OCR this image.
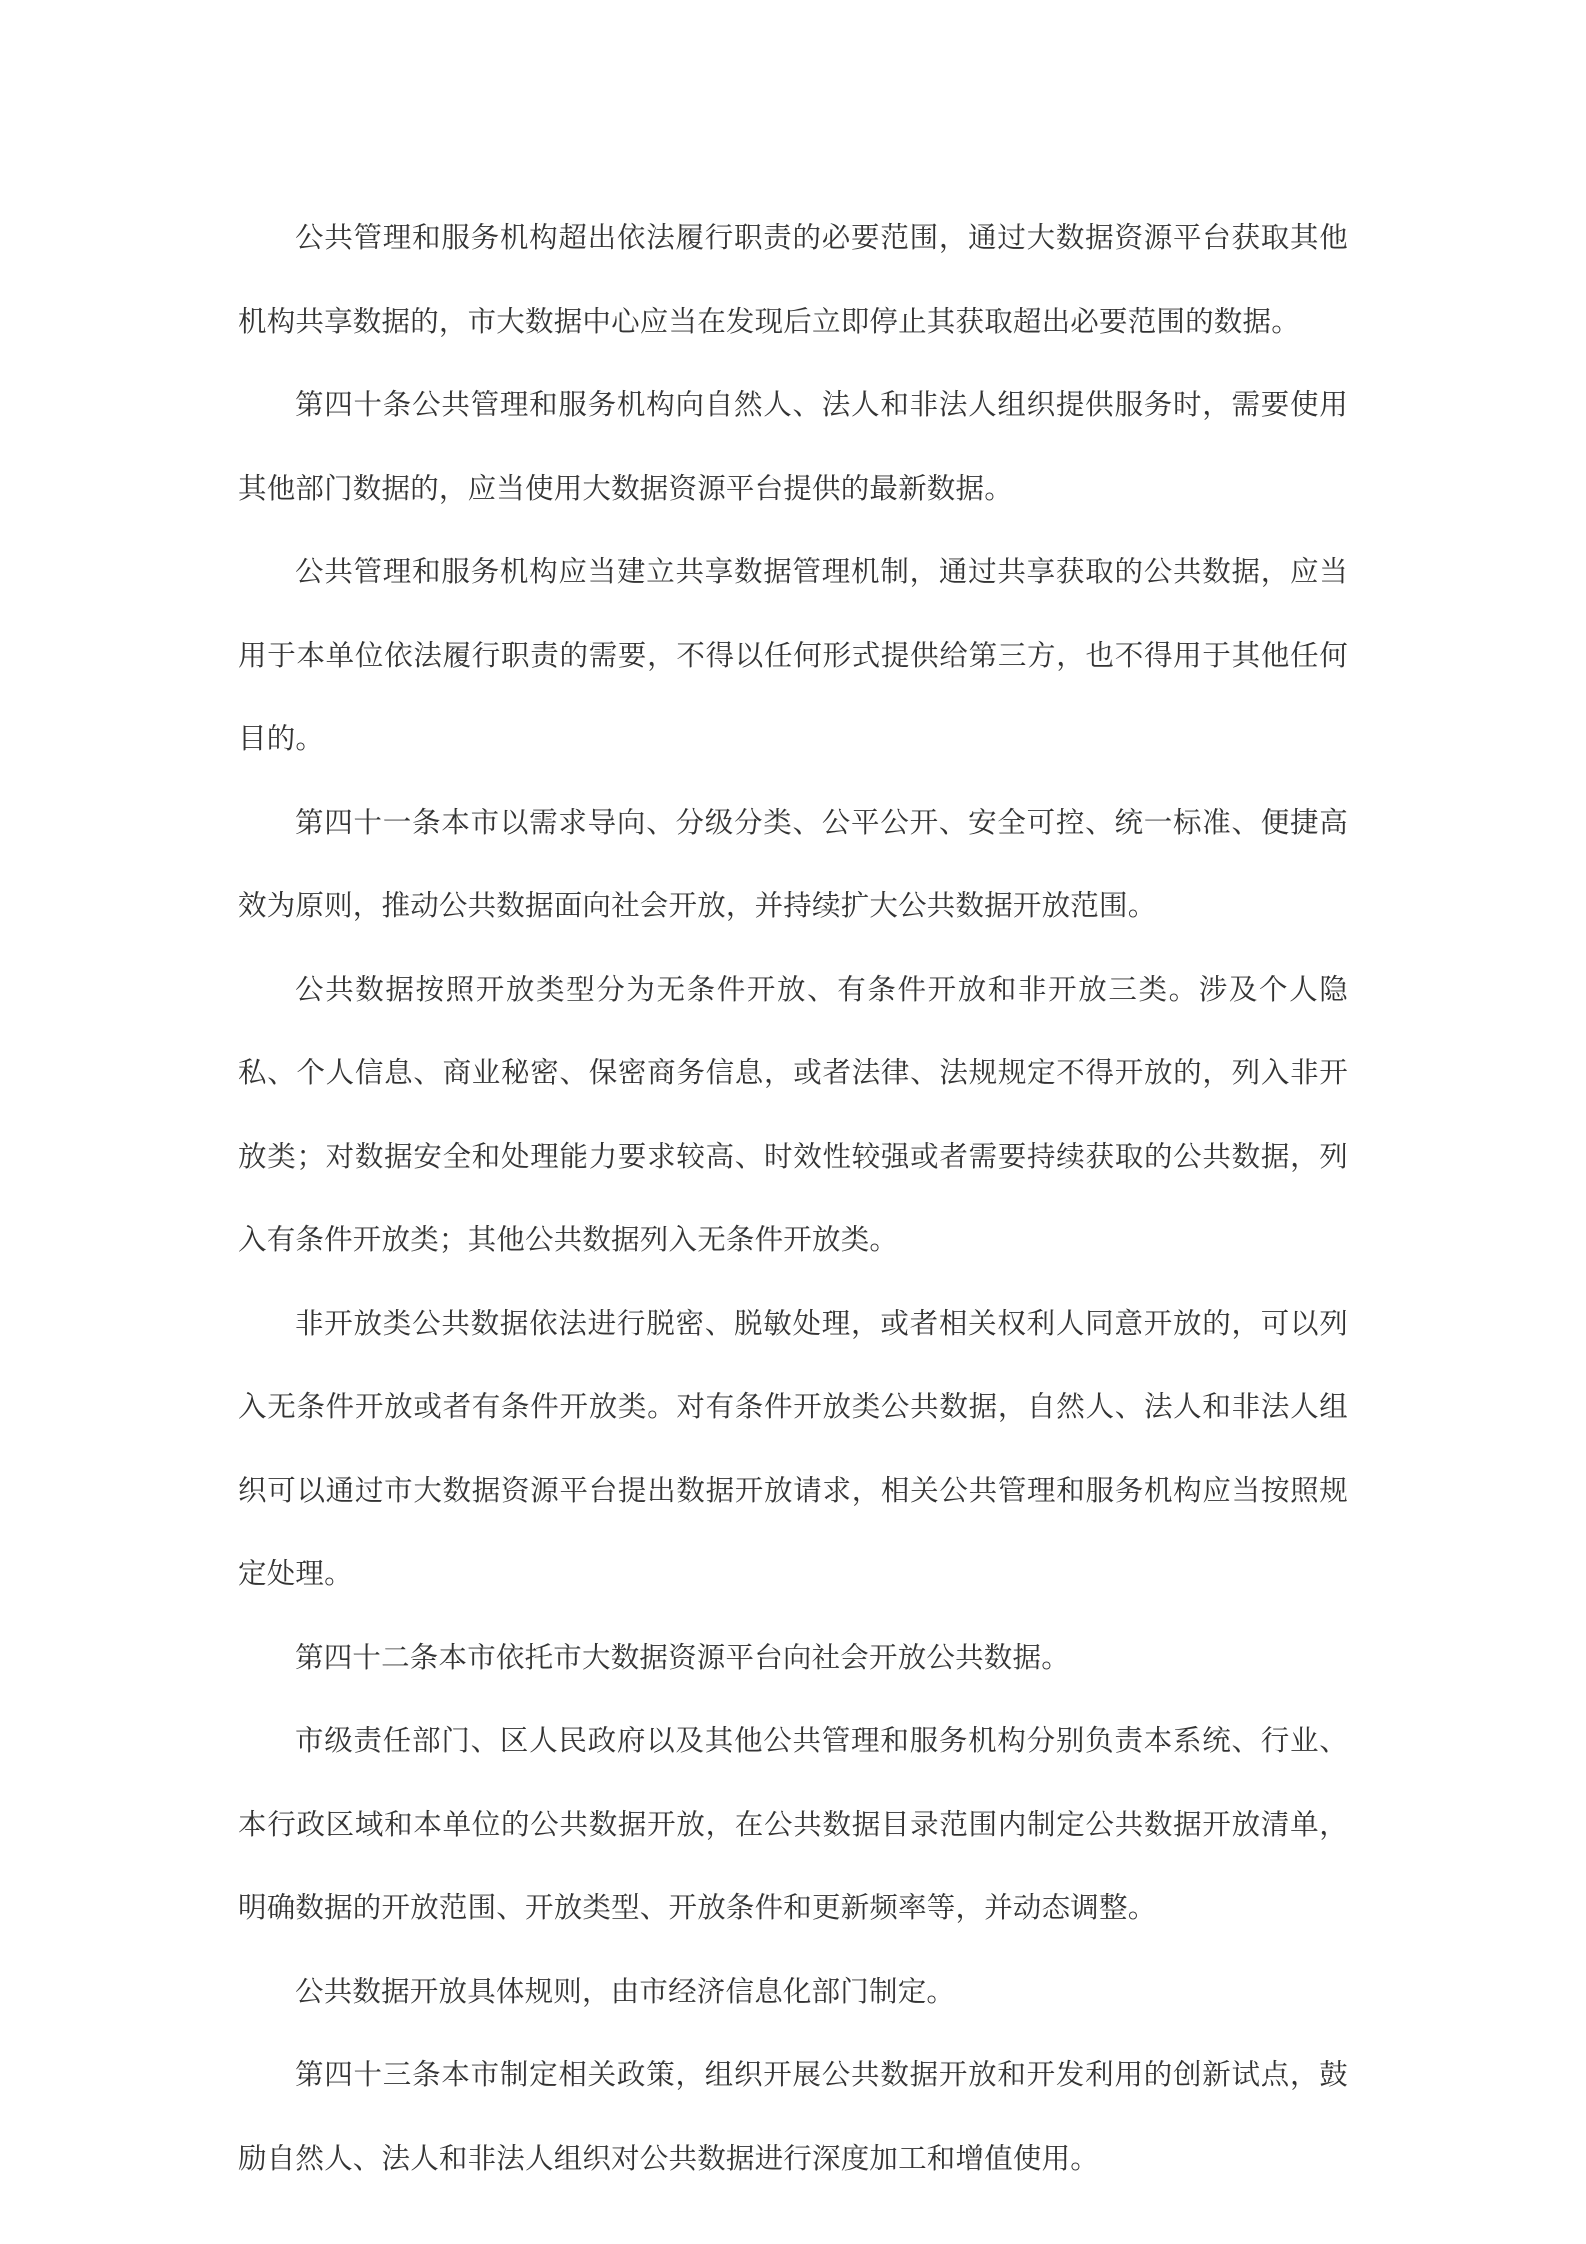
公共管理和服务机构超出依法履行职责的必要范围，通过大数据资源平台获取其他机构共享数据的，市大数据中心应当在发现后立即停止其获取超出必要范围的数据。

第四十条公共管理和服务机构向自然人、法人和非法人组织提供服务时，需要使用其他部门数据的，应当使用大数据资源平台提供的最新数据。

公共管理和服务机构应当建立共享数据管理机制，通过共享获取的公共数据，应当用于本单位依法履行职责的需要，不得以任何形式提供给第三方，也不得用于其他任何目的。

第四十一条本市以需求导向、分级分类、公平公开、安全可控、统一标准、便捷高效为原则，推动公共数据面向社会开放，并持续扩大公共数据开放范围。

公共数据按照开放类型分为无条件开放、有条件开放和非开放三类。涉及个人隐私、个人信息、商业秘密、保密商务信息，或者法律、法规规定不得开放的，列入非开放类；对数据安全和处理能力要求较高、时效性较强或者需要持续获取的公共数据，列入有条件开放类；其他公共数据列入无条件开放类。

非开放类公共数据依法进行脱密、脱敏处理，或者相关权利人同意开放的，可以列入无条件开放或者有条件开放类。对有条件开放类公共数据，自然人、法人和非法人组织可以通过市大数据资源平台提出数据开放请求，相关公共管理和服务机构应当按照规定处理。

第四十二条本市依托市大数据资源平台向社会开放公共数据。

市级责任部门、区人民政府以及其他公共管理和服务机构分别负责本系统、行业、本行政区域和本单位的公共数据开放，在公共数据目录范围内制定公共数据开放清单，明确数据的开放范围、开放类型、开放条件和更新频率等，并动态调整。

公共数据开放具体规则，由市经济信息化部门制定。

第四十三条本市制定相关政策，组织开展公共数据开放和开发利用的创新试点，鼓励自然人、法人和非法人组织对公共数据进行深度加工和增值使用。
